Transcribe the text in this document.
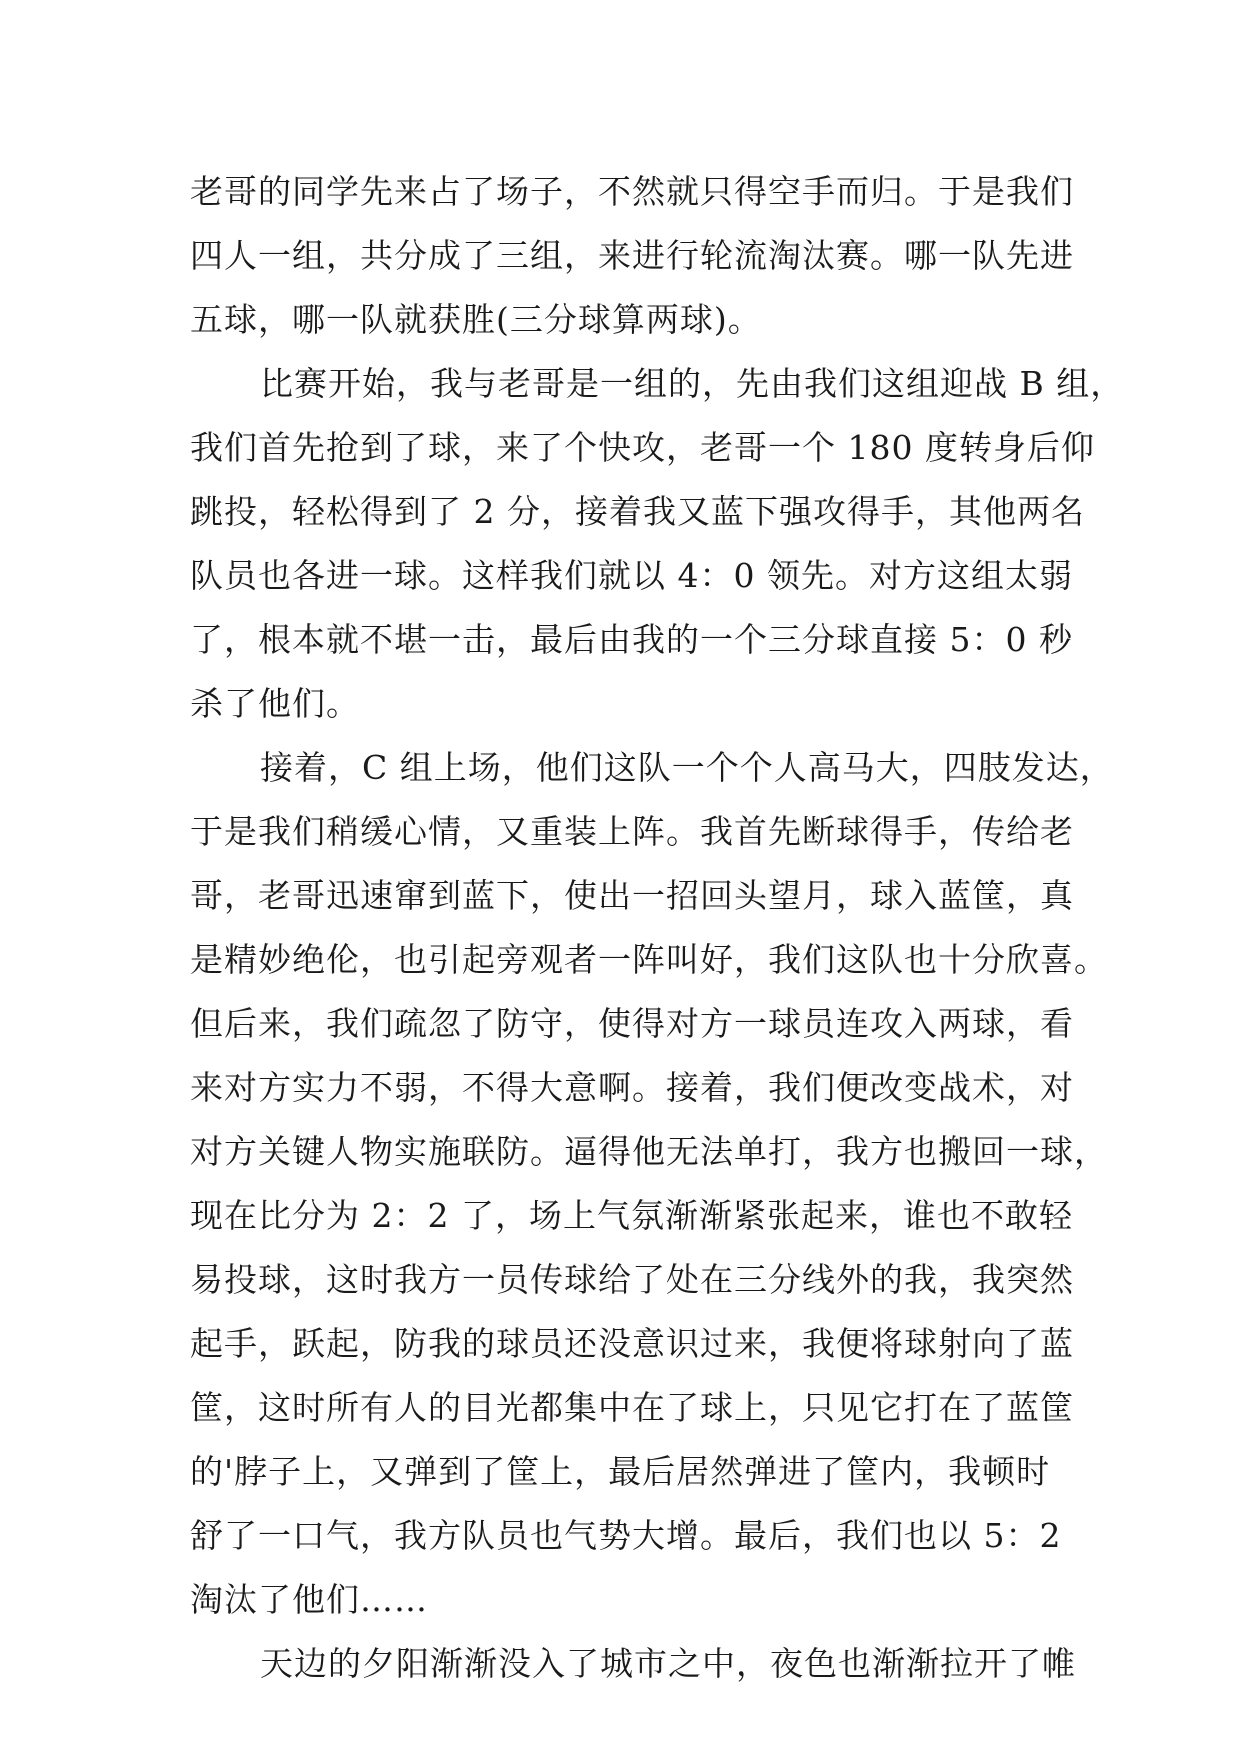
老哥的同学先来占了场子，不然就只得空手而归。于是我们
四人一组，共分成了三组，来进行轮流淘汰赛。哪一队先进
五球，哪一队就获胜(三分球算两球)。
比赛开始，我与老哥是一组的，先由我们这组迎战 B 组，
我们首先抢到了球，来了个快攻，老哥一个 180 度转身后仰
跳投，轻松得到了 2 分，接着我又蓝下强攻得手，其他两名
队员也各进一球。这样我们就以 4：0 领先。对方这组太弱
了，根本就不堪一击，最后由我的一个三分球直接 5：0 秒
杀了他们。
接着，C 组上场，他们这队一个个人高马大，四肢发达，
于是我们稍缓心情，又重装上阵。我首先断球得手，传给老
哥，老哥迅速窜到蓝下，使出一招回头望月，球入蓝筐，真
是精妙绝伦，也引起旁观者一阵叫好，我们这队也十分欣喜。
但后来，我们疏忽了防守，使得对方一球员连攻入两球，看
来对方实力不弱，不得大意啊。接着，我们便改变战术，对
对方关键人物实施联防。逼得他无法单打，我方也搬回一球，
现在比分为 2：2 了，场上气氛渐渐紧张起来，谁也不敢轻
易投球，这时我方一员传球给了处在三分线外的我，我突然
起手，跃起，防我的球员还没意识过来，我便将球射向了蓝
筐，这时所有人的目光都集中在了球上，只见它打在了蓝筐
的'脖子上，又弹到了筐上，最后居然弹进了筐内，我顿时
舒了一口气，我方队员也气势大增。最后，我们也以 5：2
淘汰了他们……
天边的夕阳渐渐没入了城市之中，夜色也渐渐拉开了帷
